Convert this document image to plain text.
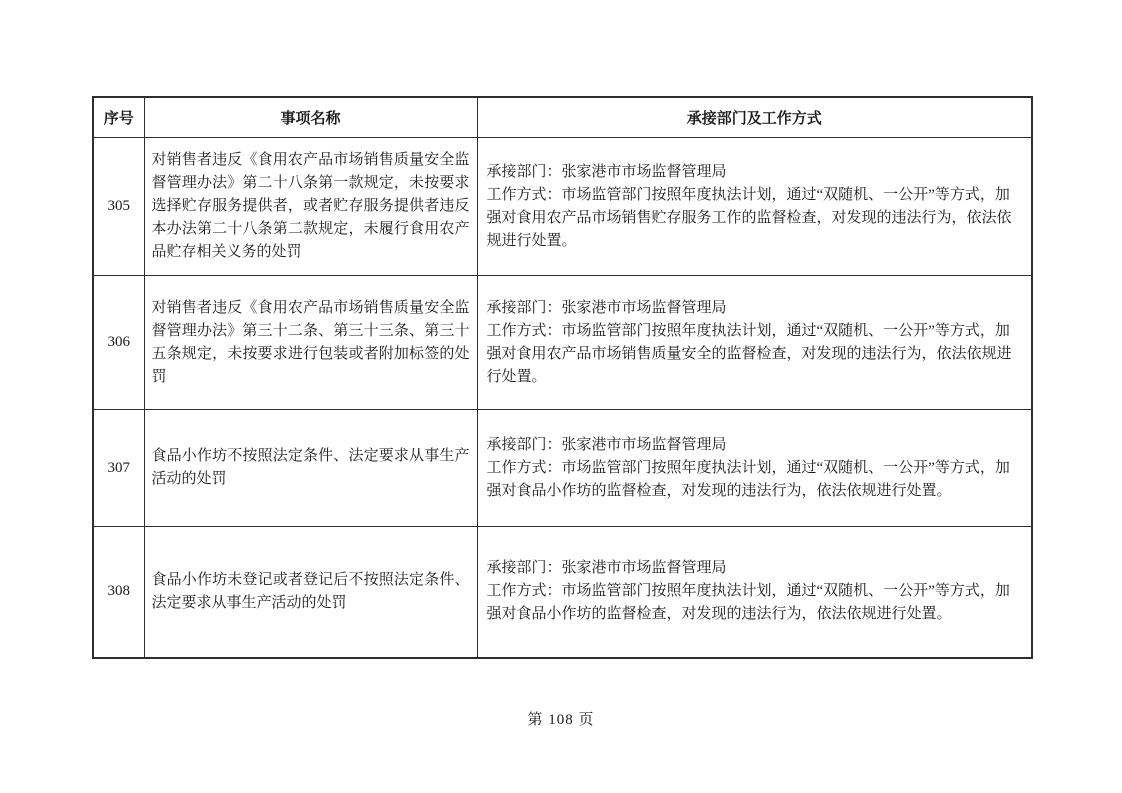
序号	事项名称	承接部门及工作方式
305	对销售者违反《食用农产品市场销售质量安全监督管理办法》第二十八条第一款规定，未按要求选择贮存服务提供者，或者贮存服务提供者违反本办法第二十八条第二款规定，未履行食用农产品贮存相关义务的处罚	承接部门：张家港市市场监督管理局
工作方式：市场监管部门按照年度执法计划，通过“双随机、一公开”等方式，加强对食用农产品市场销售贮存服务工作的监督检查，对发现的违法行为，依法依规进行处置。

306	对销售者违反《食用农产品市场销售质量安全监督管理办法》第三十二条、第三十三条、第三十五条规定，未按要求进行包装或者附加标签的处罚	承接部门：张家港市市场监督管理局
工作方式：市场监管部门按照年度执法计划，通过“双随机、一公开”等方式，加强对食用农产品市场销售质量安全的监督检查，对发现的违法行为，依法依规进行处置。

307	食品小作坊不按照法定条件、法定要求从事生产活动的处罚	承接部门：张家港市市场监督管理局
工作方式：市场监管部门按照年度执法计划，通过“双随机、一公开”等方式，加强对食品小作坊的监督检查，对发现的违法行为，依法依规进行处置。

308	食品小作坊未登记或者登记后不按照法定条件、法定要求从事生产活动的处罚	承接部门：张家港市市场监督管理局
工作方式：市场监管部门按照年度执法计划，通过“双随机、一公开”等方式，加强对食品小作坊的监督检查，对发现的违法行为，依法依规进行处置。
第 108 页
